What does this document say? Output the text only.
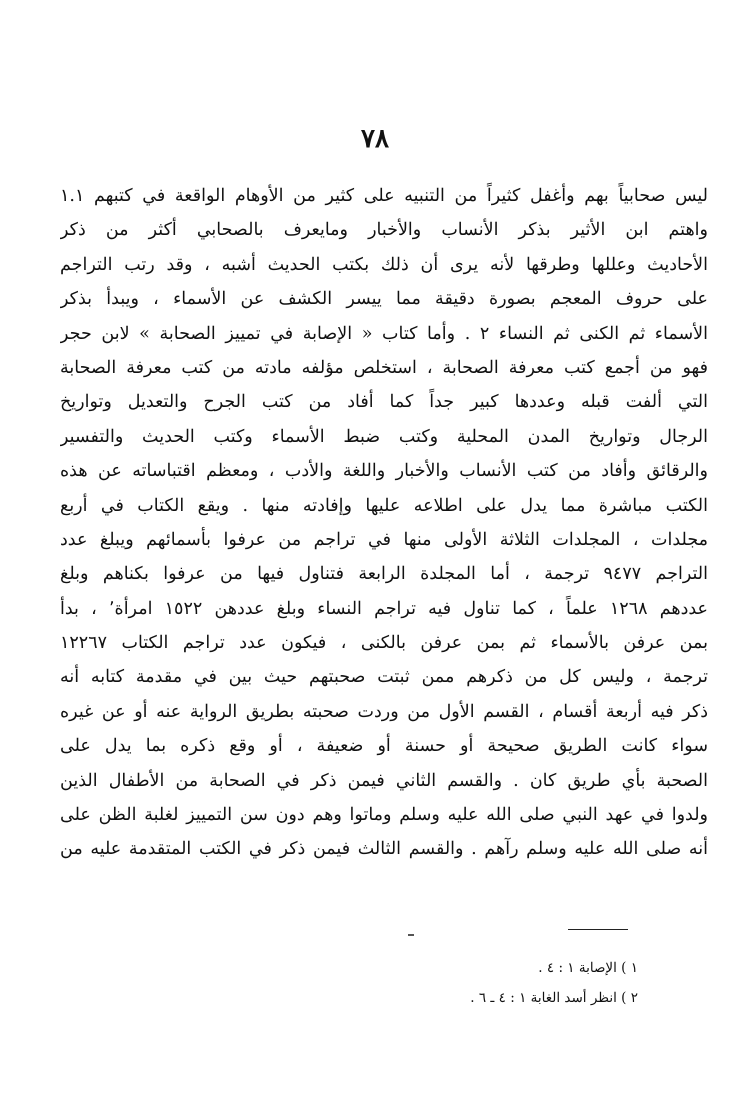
٧٨
ليس صحابياً بهم وأغفل كثيراً من التنبيه على كثير من الأوهام الواقعة في كتبهم ١.١
واهتم ابن الأثير بذكر الأنساب والأخبار ومايعرف بالصحابي أكثر من ذكر
الأحاديث وعللها وطرقها لأنه يرى أن ذلك بكتب الحديث أشبه ، وقد رتب التراجم
على حروف المعجم بصورة دقيقة مما ييسر الكشف عن الأسماء ، ويبدأ بذكر
الأسماء ثم الكنى ثم النساء ٢ . وأما كتاب « الإصابة في تمييز الصحابة » لابن حجر
فهو من أجمع كتب معرفة الصحابة ، استخلص مؤلفه مادته من كتب معرفة الصحابة
التي ألفت قبله وعددها كبير جداً كما أفاد من كتب الجرح والتعديل وتواريخ
الرجال وتواريخ المدن المحلية وكتب ضبط الأسماء وكتب الحديث والتفسير
والرقائق وأفاد من كتب الأنساب والأخبار واللغة والأدب ، ومعظم اقتباساته عن هذه
الكتب مباشرة مما يدل على اطلاعه عليها وإفادته منها . ويقع الكتاب في أربع
مجلدات ، المجلدات الثلاثة الأولى منها في تراجم من عرفوا بأسمائهم ويبلغ عدد
التراجم ٩٤٧٧ ترجمة ، أما المجلدة الرابعة فتناول فيها من عرفوا بكناهم وبلغ
عددهم ١٢٦٨ علماً ، كما تناول فيه تراجم النساء وبلغ عددهن ١٥٢٢ امرأة٬ ، بدأ
بمن عرفن بالأسماء ثم بمن عرفن بالكنى ، فيكون عدد تراجم الكتاب ١٢٢٦٧
ترجمة ، وليس كل من ذكرهم ممن ثبتت صحبتهم حيث بين في مقدمة كتابه أنه
ذكر فيه أربعة أقسام ، القسم الأول من وردت صحبته بطريق الرواية عنه أو عن غيره
سواء كانت الطريق صحيحة أو حسنة أو ضعيفة ، أو وقع ذكره بما يدل على
الصحبة بأي طريق كان . والقسم الثاني فيمن ذكر في الصحابة من الأطفال الذين
ولدوا في عهد النبي صلى الله عليه وسلم وماتوا وهم دون سن التمييز لغلبة الظن على
أنه صلى الله عليه وسلم رآهم . والقسم الثالث فيمن ذكر في الكتب المتقدمة عليه من
١ ) الإصابة ١ : ٤ .
٢ ) انظر أسد الغابة ١ : ٤ ـ ٦ .
